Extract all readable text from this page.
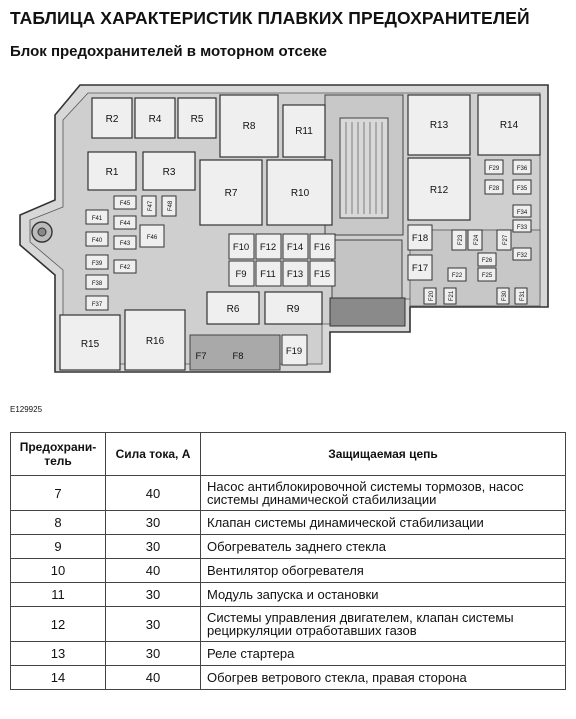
ТАБЛИЦА ХАРАКТЕРИСТИК ПЛАВКИХ ПРЕДОХРАНИТЕЛЕЙ
Блок предохранителей в моторном отсеке
R2	R4	R5
R8	R11
R1	R3
R7	R10
R13	R14
R12
R6	R9
R15	R16
F10 F12 F14 F16
F9 F11 F13 F15
F18
F17
F19
F7	F8
F29	F36
F28	F35
F34
F33
F32
F22	F25
F26
F41
F40
F39
F38
F37
F45
F44
F43
F42
F46	F23 F24	F27
F20 F21	F30 F31
F47 F48
E129925
Предохрани-тель	Сила тока, А	Защищаемая цепь
7	40	Насос антиблокировочной системы тормозов, насос системы динамической стабилизации
8	30	Клапан системы динамической стабилизации
9	30	Обогреватель заднего стекла
10	40	Вентилятор обогревателя
11	30	Модуль запуска и остановки
12	30	Системы управления двигателем, клапан системы рециркуляции отработавших газов
13	30	Реле стартера
14	40	Обогрев ветрового стекла, правая сторона
